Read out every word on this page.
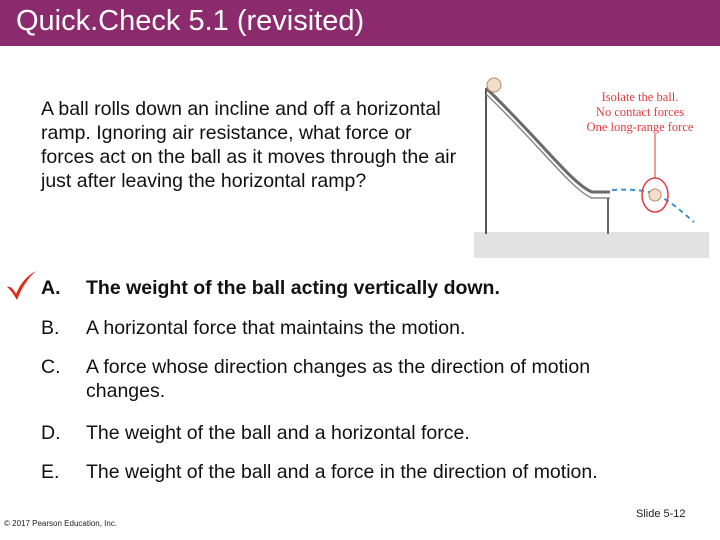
Quick.Check 5.1 (revisited)
A ball rolls down an incline and off a horizontal ramp. Ignoring air resistance, what force or forces act on the ball as it moves through the air just after leaving the horizontal ramp?
Isolate the ball.
No contact forces
One long-range force
A. The weight of the ball acting vertically down.
B. A horizontal force that maintains the motion.
C. A force whose direction changes as the direction of motion changes.
D. The weight of the ball and a horizontal force.
E. The weight of the ball and a force in the direction of motion.
© 2017 Pearson Education, Inc.
Slide 5-12
